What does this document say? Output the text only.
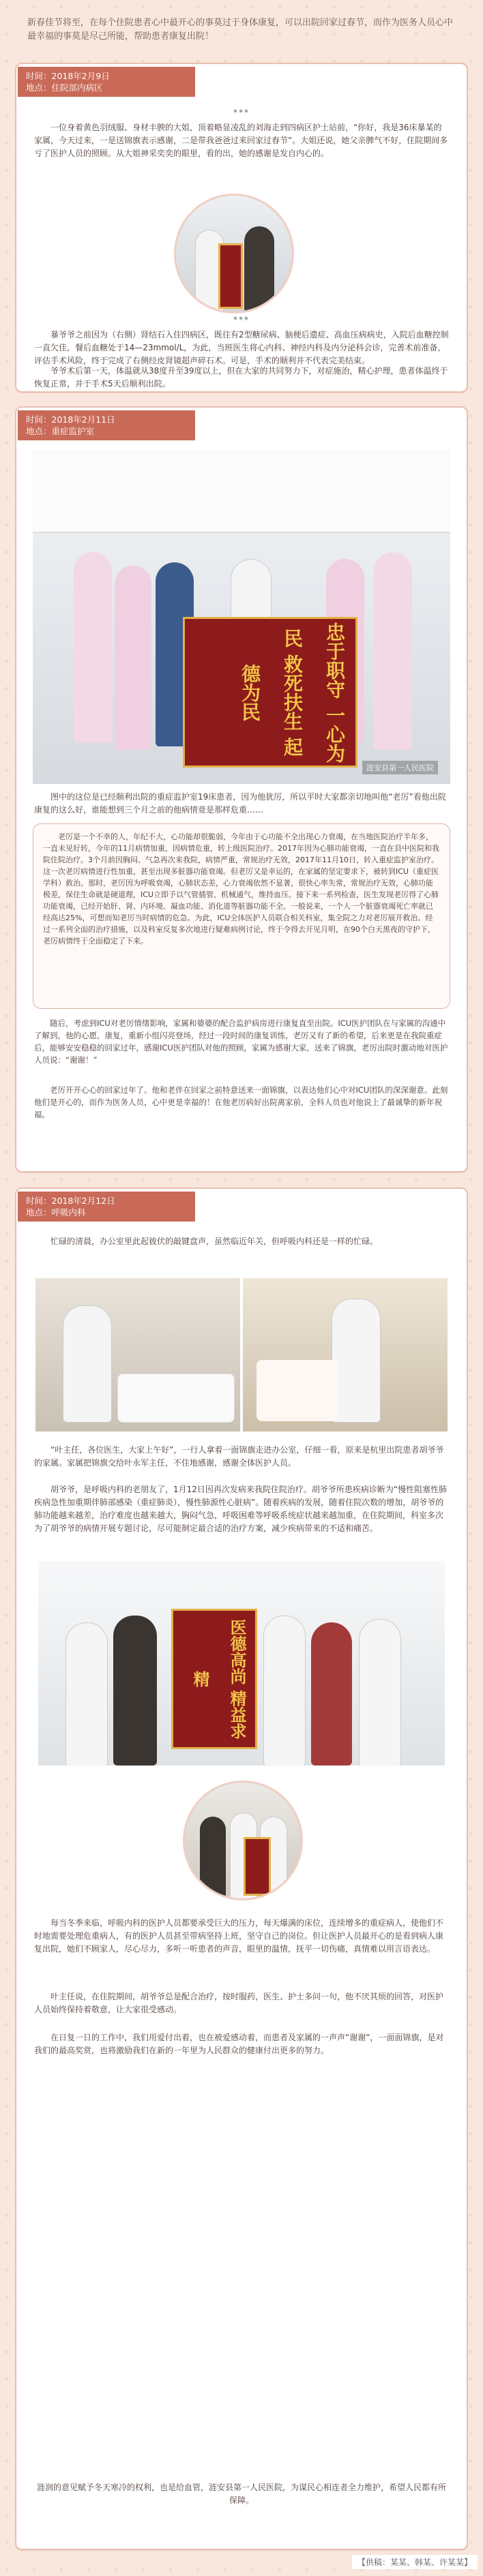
新春佳节将至，在每个住院患者心中最开心的事莫过于身体康复，可以出院回家过春节，而作为医务人员心中最幸福的事莫是尽己所能，帮助患者康复出院！
时间：2018年2月9日
地点：住院部内病区
***
一位身着黄色羽绒服、身材丰腴的大姐，顶着略显凌乱的刘海走到四病区护士站前，“你好，我是36床暴某的家属，今天过来，一是送锦旗表示感谢，二是带我爸爸过来回家过春节”。大姐还说，她父亲脾气不好，住院期间多亏了医护人员的照顾。从大姐神采奕奕的眼里，看的出，她的感谢是发自内心的。
***
暴爷爷之前因为（右侧）肾结石入住四病区，既往有2型糖尿病、脑梗后遗症、高血压病病史，入院后血糖控制一直欠佳，餐后血糖处于14—23mmol/L，为此，当班医生将心内科、神经内科及内分泌科会诊，完善术前准备，评估手术风险，终于完成了右侧经皮肾镜超声碎石术。可是，手术的顺利并不代表完美结束。
爷爷术后第一天，体温就从38度升至39度以上，但在大家的共同努力下，对症施治，精心护理，患者体温终于恢复正常，并于手术5天后顺利出院。
时间：2018年2月11日
地点：重症监护室
忠于职守 一心为民 救死扶生 起德为民
涟安县第一人民医院
图中的这位是已经顺利出院的重症监护室19床患者，因为他犹厉，所以平时大家都亲切地叫他“老厉”看他出院康复的这么好，谁能想到三个月之前的他病情竟是那样危重……
老厉是一个不幸的人，年纪不大，心功能却很脆弱，今年由于心功能不全出现心力衰竭，在当地医院治疗半年多，一直未见好转，今年的11月病情加重，因病情危重，转上级医院治疗。2017年因为心肺功能衰竭，一直在县中医院和我院住院治疗。3个月前因胸闷、气急再次来我院，病情严重，常规治疗无效，2017年11月10日，转入重症监护室治疗。这一次老厉病情进行性加重，甚至出现多脏器功能衰竭。但老厉又是幸运的，在家属的坚定要求下，被转到ICU（重症医学科）救治。那时，老厉因为呼吸衰竭，心肺状态差，心力衰竭依然不显著，很快心率失常，常规治疗无效，心肺功能极差，保住生命就是硬道理，ICU立即予以气管插管、机械通气，维持血压。接下来一系列检查，医生发现老厉得了心肺功能衰竭，已经开始肝、肾、内环境、凝血功能、消化道等脏器功能不全。一般说来，一个人一个脏器衰竭死亡率就已经高达25%，可想而知老厉当时病情的危急。为此，ICU全体医护人员联合相关科室，集全院之力对老厉展开救治。经过一系列全面的治疗措施，以及科室反复多次地进行疑难病例讨论，终于令得去开见月明，在90个白天黑夜的守护下，老厉病情终于全面稳定了下来。
随后，考虑到ICU对老厉情绪影响，家属和婆婆的配合监护病房进行康复直至出院。ICU医护团队在与家属的沟通中了解到，他的心愿，康复，重新小组闪亮登场，经过一段时间的康复训练，老厉又有了新的希望，后来更是在我院重症后，能够安安稳稳的回家过年，感谢ICU医护团队对他的照顾，家属为感谢大家，送来了锦旗，老厉出院时激动地对医护人员说：“谢谢！”
老厉开开心心的回家过年了。他和老伴在回家之前特意送来一面锦旗，以表达他们心中对ICU团队的深深谢意。此刻他们是开心的，而作为医务人员，心中更是幸福的！在他老厉病好出院离家前，全科人员也对他说上了最诚挚的新年祝福。
时间：2018年2月12日
地点：呼吸内科
忙碌的清晨，办公室里此起彼伏的敲键盘声，虽然临近年关，但呼吸内科还是一样的忙碌。
“叶主任，各位医生，大家上午好”，一行人拿着一面锦旗走进办公室，仔细一看，原来是杭里出院患者胡爷爷的家属。家属把锦旗交给叶永军主任，不住地感谢，感谢全体医护人员。
胡爷爷，是呼吸内科的老朋友了，1月12日因再次发病来我院住院治疗。胡爷爷所患疾病诊断为“慢性阻塞性肺疾病急性加重期伴肺部感染（重症肺炎），慢性肺源性心脏病”。随着疾病的发展，随着住院次数的增加，胡爷爷的肺功能越来越差，治疗难度也越来越大，胸闷气急，呼吸困难等呼吸系统症状越来越加重，在住院期间，科室多次为了胡爷爷的病情开展专题讨论，尽可能制定最合适的治疗方案，减少疾病带来的不适和痛苦。
医德高尚 精益求精
每当冬季来临，呼吸内科的医护人员都要承受巨大的压力，每天爆满的床位，连续增多的重症病人，使他们不时地需要处理危重病人，有的医护人员甚至带病坚持上班，坚守自己的岗位。但让医护人员最开心的是看到病人康复出院，她们不顾家人，尽心尽力，多听一听患者的声音，眼里的温情，抚平一切伤痛，真情难以用言语表达。
叶主任说，在住院期间，胡爷爷总是配合治疗，按时服药，医生、护士多问一句，他不厌其烦的回答，对医护人员始终保持着敬意，让大家很受感动。
在日复一日的工作中，我们用爱付出着，也在被爱感动着，而患者及家属的一声声“谢谢”，一面面锦旗，是对我们的最高奖赏，也将激励我们在新的一年里为人民群众的健康付出更多的努力。
涟润的意见赋予冬天寒冷的权利，也是给血管，涟安县第一人民医院，为谋民心相连者全力维护，希望人民都有所保障。
【供稿：某某、韩某、许某某】
